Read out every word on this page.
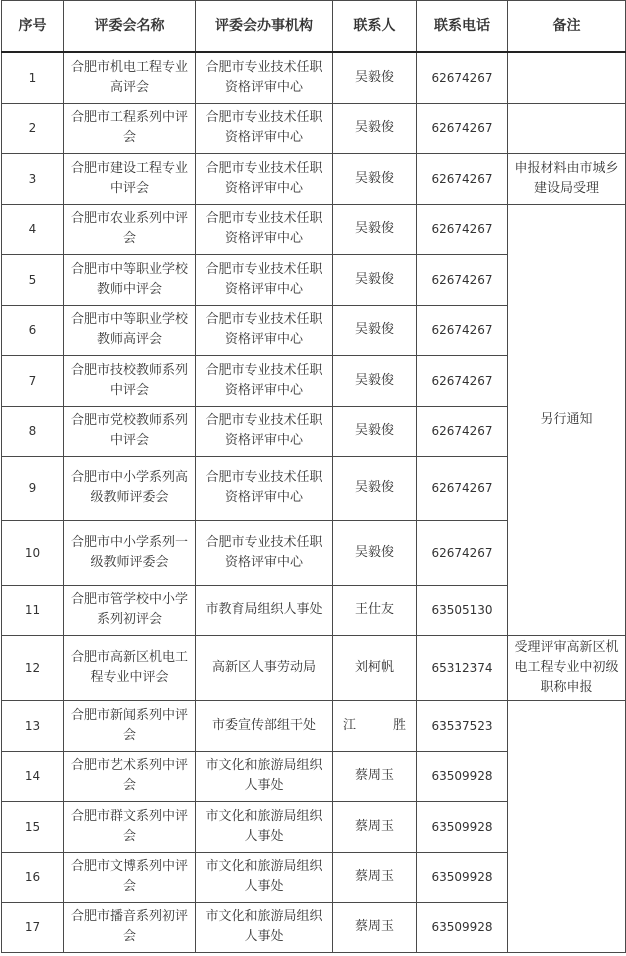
序号	评委会名称	评委会办事机构	联系人	联系电话	备注
1	合肥市机电工程专业高评会	合肥市专业技术任职资格评审中心	吴毅俊	62674267	
2	合肥市工程系列中评会	合肥市专业技术任职资格评审中心	吴毅俊	62674267	
3	合肥市建设工程专业中评会	合肥市专业技术任职资格评审中心	吴毅俊	62674267	申报材料由市城乡建设局受理
4	合肥市农业系列中评会	合肥市专业技术任职资格评审中心	吴毅俊	62674267	另行通知
5	合肥市中等职业学校教师中评会	合肥市专业技术任职资格评审中心	吴毅俊	62674267	
6	合肥市中等职业学校教师高评会	合肥市专业技术任职资格评审中心	吴毅俊	62674267	
7	合肥市技校教师系列中评会	合肥市专业技术任职资格评审中心	吴毅俊	62674267	
8	合肥市党校教师系列中评会	合肥市专业技术任职资格评审中心	吴毅俊	62674267	
9	合肥市中小学系列高级教师评委会	合肥市专业技术任职资格评审中心	吴毅俊	62674267	
10	合肥市中小学系列一级教师评委会	合肥市专业技术任职资格评审中心	吴毅俊	62674267	
11	合肥市管学校中小学系列初评会	市教育局组织人事处	王仕友	63505130	
12	合肥市高新区机电工程专业中评会	高新区人事劳动局	刘柯帆	65312374	受理评审高新区机电工程专业中初级职称申报
13	合肥市新闻系列中评会	市委宣传部组干处	江 胜	63537523	
14	合肥市艺术系列中评会	市文化和旅游局组织人事处	蔡周玉	63509928	
15	合肥市群文系列中评会	市文化和旅游局组织人事处	蔡周玉	63509928	
16	合肥市文博系列中评会	市文化和旅游局组织人事处	蔡周玉	63509928	
17	合肥市播音系列初评会	市文化和旅游局组织人事处	蔡周玉	63509928	
